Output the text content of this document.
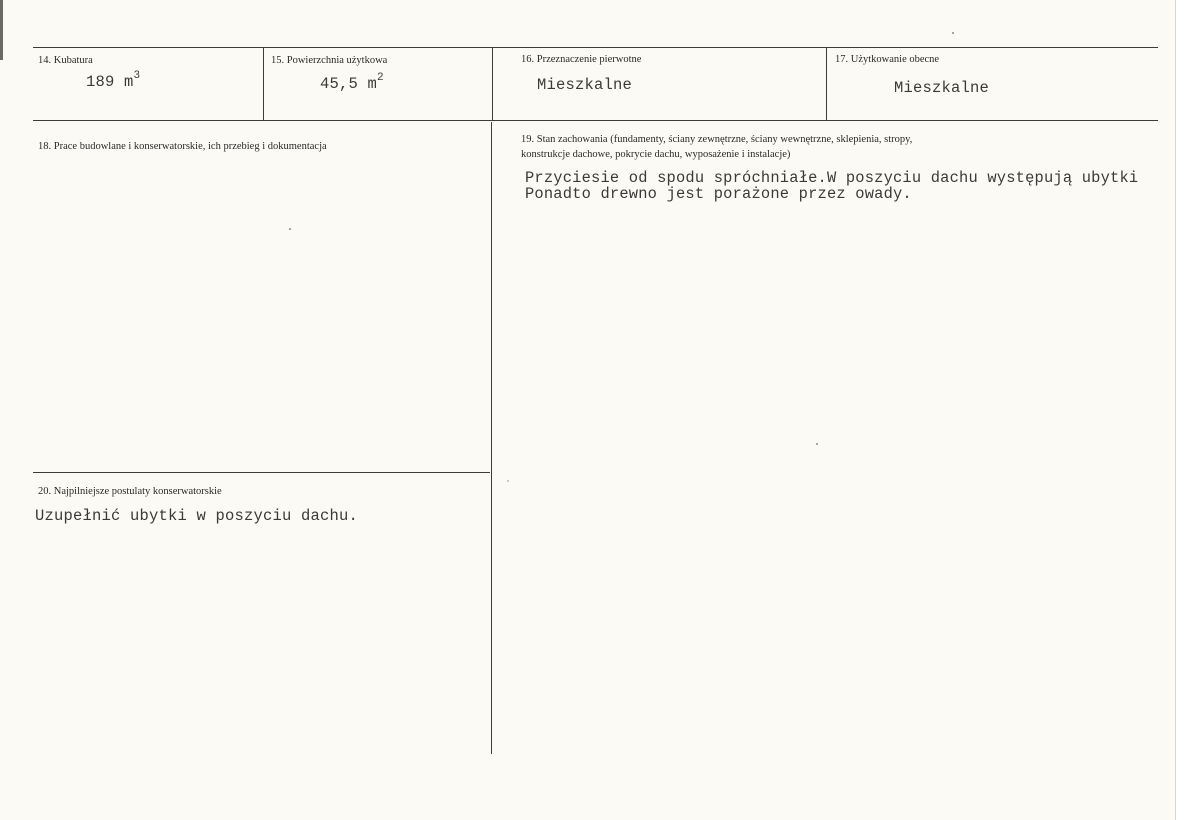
14. Kubatura
189 $m^3$
15. Powierzchnia użytkowa
45,5 $m^2$
16. Przeznaczenie pierwotne
Mieszkalne
17. Użytkowanie obecne
Mieszkalne
18. Prace budowlane i konserwatorskie, ich przebieg i dokumentacja
19. Stan zachowania (fundamenty, ściany zewnętrzne, ściany wewnętrzne, sklepienia, stropy,
konstrukcje dachowe, pokrycie dachu, wyposażenie i instalacje)
Przyciesie od spodu spróchniałe.W poszyciu dachu występują ubytki
Ponadto drewno jest porażone przez owady.
20. Najpilniejsze postulaty konserwatorskie
Uzupełnić ubytki w poszyciu dachu.
